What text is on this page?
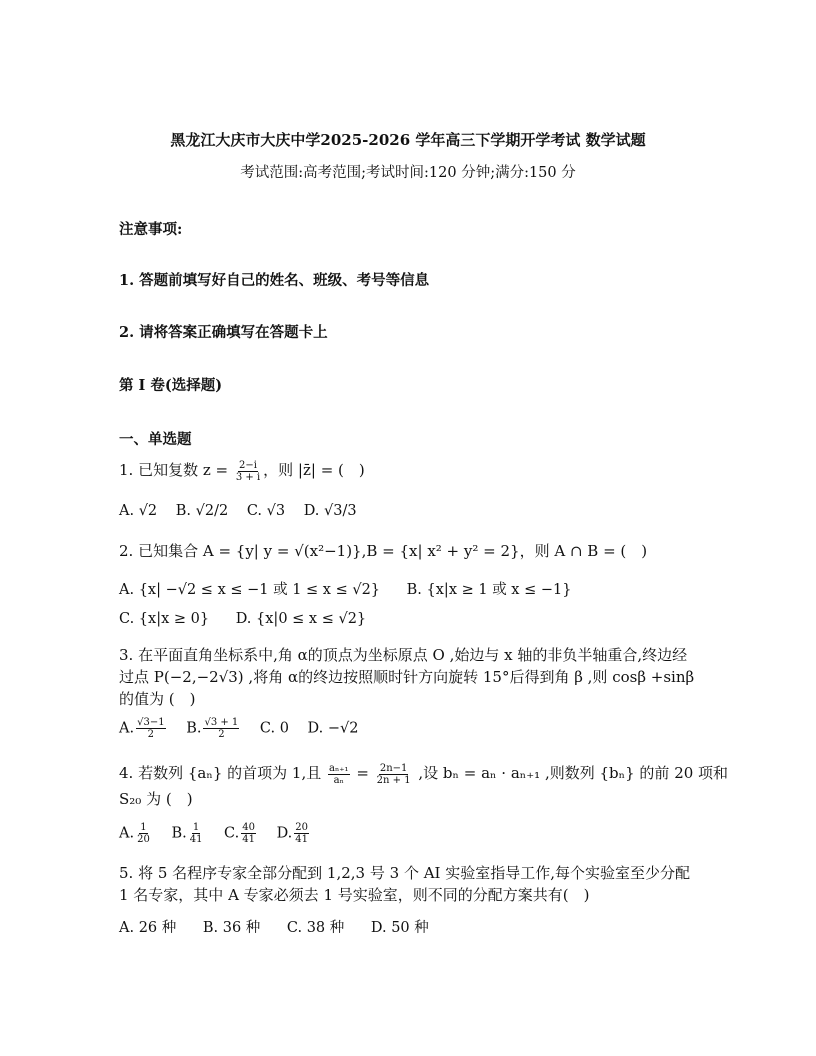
黑龙江大庆市大庆中学2025-2026 学年高三下学期开学考试 数学试题
考试范围:高考范围;考试时间:120 分钟;满分:150 分
注意事项:
1. 答题前填写好自己的姓名、班级、考号等信息
2. 请将答案正确填写在答题卡上
第 I 卷(选择题)
一、单选题
1. 已知复数 $z = \frac{2-i}{3 + i}$ ，则 |z̄| = (　)
A. √2 B. √2/2 C. √3 D. √3/3
2. 已知集合 A = {y| y = √(x²−1)},B = {x| x² + y² = 2}，则 A ∩ B = (　)
A. {x| −√2 ≤ x ≤ −1 或 1 ≤ x ≤ √2} B. {x|x ≥ 1 或 x ≤ −1}
C. {x|x ≥ 0} D. {x|0 ≤ x ≤ √2}
3. 在平面直角坐标系中,角 α的顶点为坐标原点 O ,始边与 x 轴的非负半轴重合,终边经过点 P(−2,−2√3) ,将角 α的终边按照顺时针方向旋转 15°后得到角 β ,则 cosβ +sinβ 的值为 (　)
A. $\frac{√3-1}{2} B$. $\frac{√3 + 1}{2} C$. 0 D. −√2
4. 若数列 {aₙ} 的首项为 1,且 $\frac{\text{aₙ₊₁}}{\text{aₙ}} = \frac{2n-1}{2n + 1}$ ,设 bₙ = aₙ · aₙ₊₁ ,则数列 {bₙ} 的前 20 项和
S₂₀ 为 (　)
A. $\frac{1}{20} B$. $\frac{1}{41} C$. $\frac{40}{41} D$. $\frac{20}{41}$
5. 将 5 名程序专家全部分配到 1,2,3 号 3 个 AI 实验室指导工作,每个实验室至少分配 1 名专家，其中 A 专家必须去 1 号实验室，则不同的分配方案共有(　)
A. 26 种 B. 36 种 C. 38 种 D. 50 种
